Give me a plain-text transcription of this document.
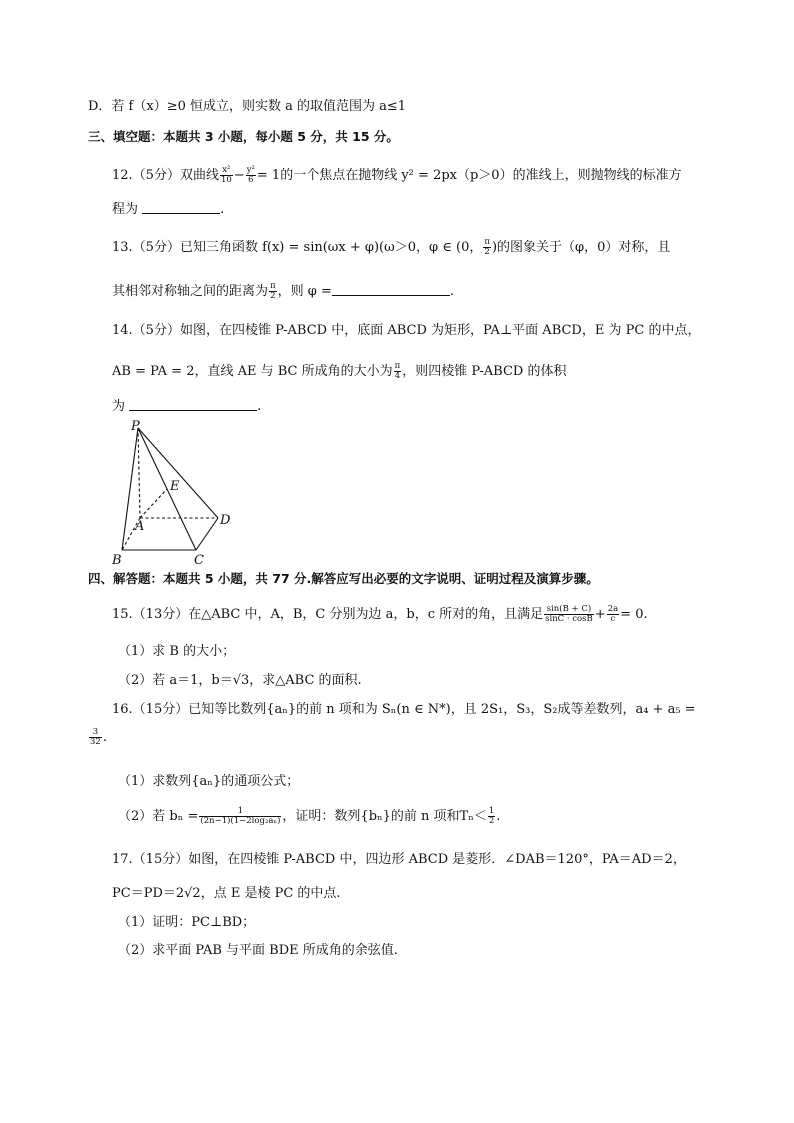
D．若 f（x）≥0 恒成立，则实数 a 的取值范围为 a≤1
三、填空题：本题共 3 小题，每小题 5 分，共 15 分。
12.（5分）双曲线 $\frac{\text{x²}}{10} - \frac{\text{y²}}{6} = 1$的一个焦点在抛物线 y² = 2px（p＞0）的准线上，则抛物线的标准方
程为	.
13.（5分）已知三角函数 f(x) = sin(ωx + φ)(ω＞0，φ ∈ (0， $\frac{\pi}{2}$ )的图象关于（φ，0）对称，且
其相邻对称轴之间的距离为 $\frac{\pi}{2}$ ，则 φ =	.
14.（5分）如图，在四棱锥 P-ABCD 中，底面 ABCD 为矩形，PA⊥平面 ABCD，E 为 PC 的中点，
AB = PA = 2，直线 AE 与 BC 所成角的大小为 $\frac{\pi}{4}$ ，则四棱锥 P-ABCD 的体积
为	.
P
E
A	D
B	C
四、解答题：本题共 5 小题，共 77 分.解答应写出必要的文字说明、证明过程及演算步骤。
15.（13分）在△ABC 中，A，B，C 分别为边 a，b，c 所对的角，且满足 $\frac{\sin(B + C)}{\sin C \cdot \cos B} + \frac{2a}{c} = 0$.
（1）求 B 的大小；
（2）若 a＝1，b＝√3，求△ABC 的面积.
16.（15分）已知等比数列{aₙ}的前 n 项和为 Sₙ(n ∈ N*)，且 2S₁，S₃，S₂成等差数列，a₄ + a₅ =
$\frac{3}{32}$ .
（1）求数列{aₙ}的通项公式；
（2）若 $b_n = \frac{1}{\text{(2n−1)(1−2log₂aₙ)}}$ ，证明：数列{bₙ}的前 n 项和$T_n< \frac{1}{2}$ .
17.（15分）如图，在四棱锥 P-ABCD 中，四边形 ABCD 是菱形．∠DAB＝120°，PA＝AD＝2，
PC＝PD＝2√2，点 E 是棱 PC 的中点.
（1）证明：PC⊥BD；
（2）求平面 PAB 与平面 BDE 所成角的余弦值.
